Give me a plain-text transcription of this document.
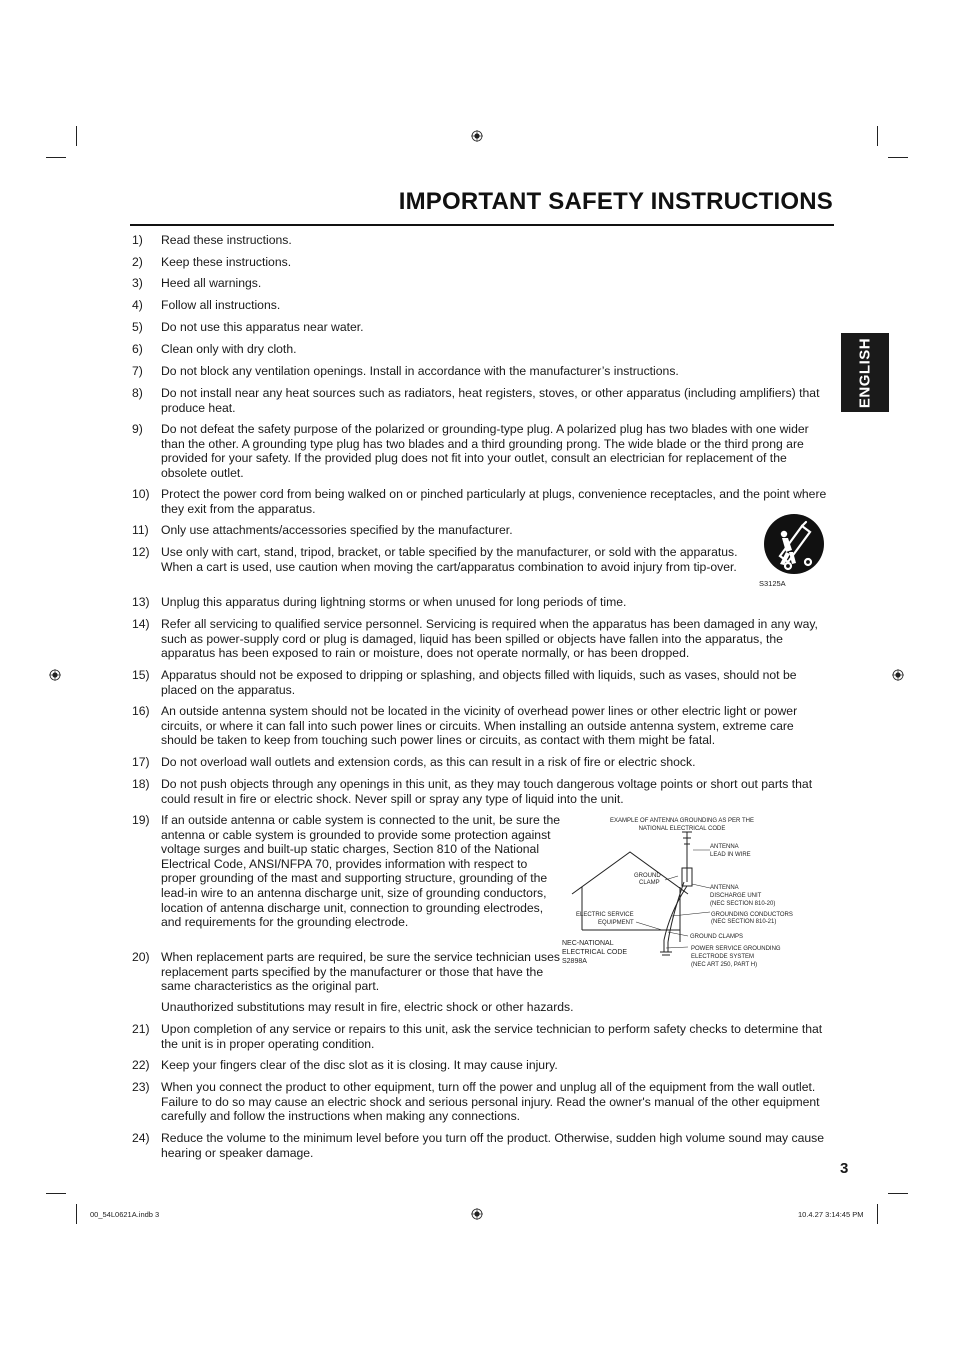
IMPORTANT SAFETY INSTRUCTIONS
ENGLISH
1)	Read these instructions.
2)	Keep these instructions.
3)	Heed all warnings.
4)	Follow all instructions.
5)	Do not use this apparatus near water.
6)	Clean only with dry cloth.
7)	Do not block any ventilation openings. Install in accordance with the manufacturer’s instructions.
8)	Do not install near any heat sources such as radiators, heat registers, stoves, or other apparatus (including amplifiers) that produce heat.
9)	Do not defeat the safety purpose of the polarized or grounding-type plug. A polarized plug has two blades with one wider than the other. A grounding type plug has two blades and a third grounding prong. The wide blade or the third prong are provided for your safety. If the provided plug does not fit into your outlet, consult an electrician for replacement of the obsolete outlet.
10) Protect the power cord from being walked on or pinched particularly at plugs, convenience receptacles, and the point where they exit from the apparatus.
11)	Only use attachments/accessories specified by the manufacturer.
12) Use only with cart, stand, tripod, bracket, or table specified by the manufacturer, or sold with the apparatus. When a cart is used, use caution when moving the cart/apparatus combination to avoid injury from tip-over.
13) Unplug this apparatus during lightning storms or when unused for long periods of time.
14) Refer all servicing to qualified service personnel. Servicing is required when the apparatus has been damaged in any way, such as power-supply cord or plug is damaged, liquid has been spilled or objects have fallen into the apparatus, the apparatus has been exposed to rain or moisture, does not operate normally, or has been dropped.
15) Apparatus should not be exposed to dripping or splashing, and objects filled with liquids, such as vases, should not be placed on the apparatus.
16) An outside antenna system should not be located in the vicinity of overhead power lines or other electric light or power circuits, or where it can fall into such power lines or circuits. When installing an outside antenna system, extreme care should be taken to keep from touching such power lines or circuits, as contact with them might be fatal.
17) Do not overload wall outlets and extension cords, as this can result in a risk of fire or electric shock.
18) Do not push objects through any openings in this unit, as they may touch dangerous voltage points or short out parts that could result in fire or electric shock. Never spill or spray any type of liquid into the unit.
19) If an outside antenna or cable system is connected to the unit, be sure the antenna or cable system is grounded to provide some protection against voltage surges and built-up static charges, Section 810 of the National Electrical Code, ANSI/NFPA 70, provides information with respect to proper grounding of the mast and supporting structure, grounding of the lead-in wire to an antenna discharge unit, size of grounding conductors, location of antenna discharge unit, connection to grounding electrodes, and requirements for the grounding electrode.
20) When replacement parts are required, be sure the service technician uses replacement parts specified by the manufacturer or those that have the same characteristics as the original part.
Unauthorized substitutions may result in fire, electric shock or other hazards.
21) Upon completion of any service or repairs to this unit, ask the service technician to perform safety checks to determine that the unit is in proper operating condition.
22) Keep your fingers clear of the disc slot as it is closing. It may cause injury.
23) When you connect the product to other equipment, turn off the power and unplug all of the equipment from the wall outlet. Failure to do so may cause an electric shock and serious personal injury. Read the owner's manual of the other equipment carefully and follow the instructions when making any connections.
24) Reduce the volume to the minimum level before you turn off the product. Otherwise, sudden high volume sound may cause hearing or speaker damage.
S3125A
EXAMPLE OF ANTENNA GROUNDING AS PER THE
NATIONAL ELECTRICAL CODE
ANTENNA
LEAD IN WIRE
GROUND
CLAMP
ANTENNA
DISCHARGE UNIT
(NEC SECTION 810-20)
ELECTRIC SERVICE
EQUIPMENT
GROUNDING CONDUCTORS
(NEC SECTION 810-21)
GROUND CLAMPS
NEC-NATIONAL
ELECTRICAL CODE
S2898A
POWER SERVICE GROUNDING
ELECTRODE SYSTEM
(NEC ART 250, PART H)
3
00_54L0621A.indb 3	10.4.27 3:14:45 PM
